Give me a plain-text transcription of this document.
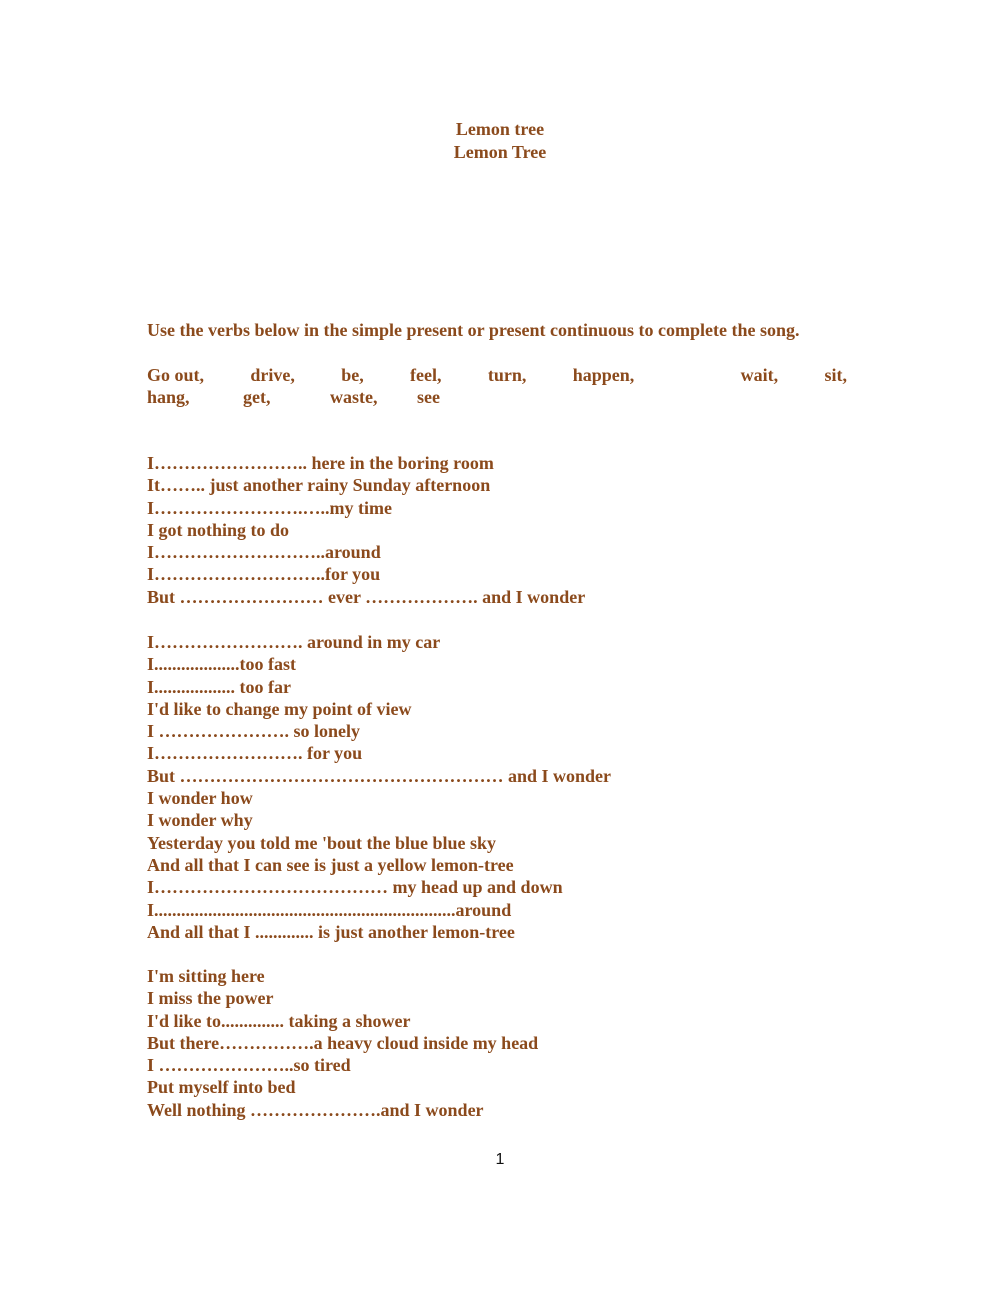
Lemon tree
Lemon Tree
Use the verbs below in the simple present or present continuous to complete the song.
Go out,	drive,	be,	feel,	turn,	happen,	wait,	sit,
hang,	get,	waste, see
I…………………….. here in the boring room
It…….. just another rainy Sunday afternoon
I…………………….…..my time
I got nothing to do
I………………………..around
I………………………..for you
But …………………… ever ………………. and I wonder
I……………………. around in my car
I...................too fast
I.................. too far
I'd like to change my point of view
I …………………. so lonely
I……………………. for you
But ……………………………………………… and I wonder
I wonder how
I wonder why
Yesterday you told me 'bout the blue blue sky
And all that I can see is just a yellow lemon-tree
I………………………………… my head up and down
I...................................................................around
And all that I ............. is just another lemon-tree
I'm sitting here
I miss the power
I'd like to.............. taking a shower
But there…………….a heavy cloud inside my head
I …………………..so tired
Put myself into bed
Well nothing ………………….and I wonder
1
